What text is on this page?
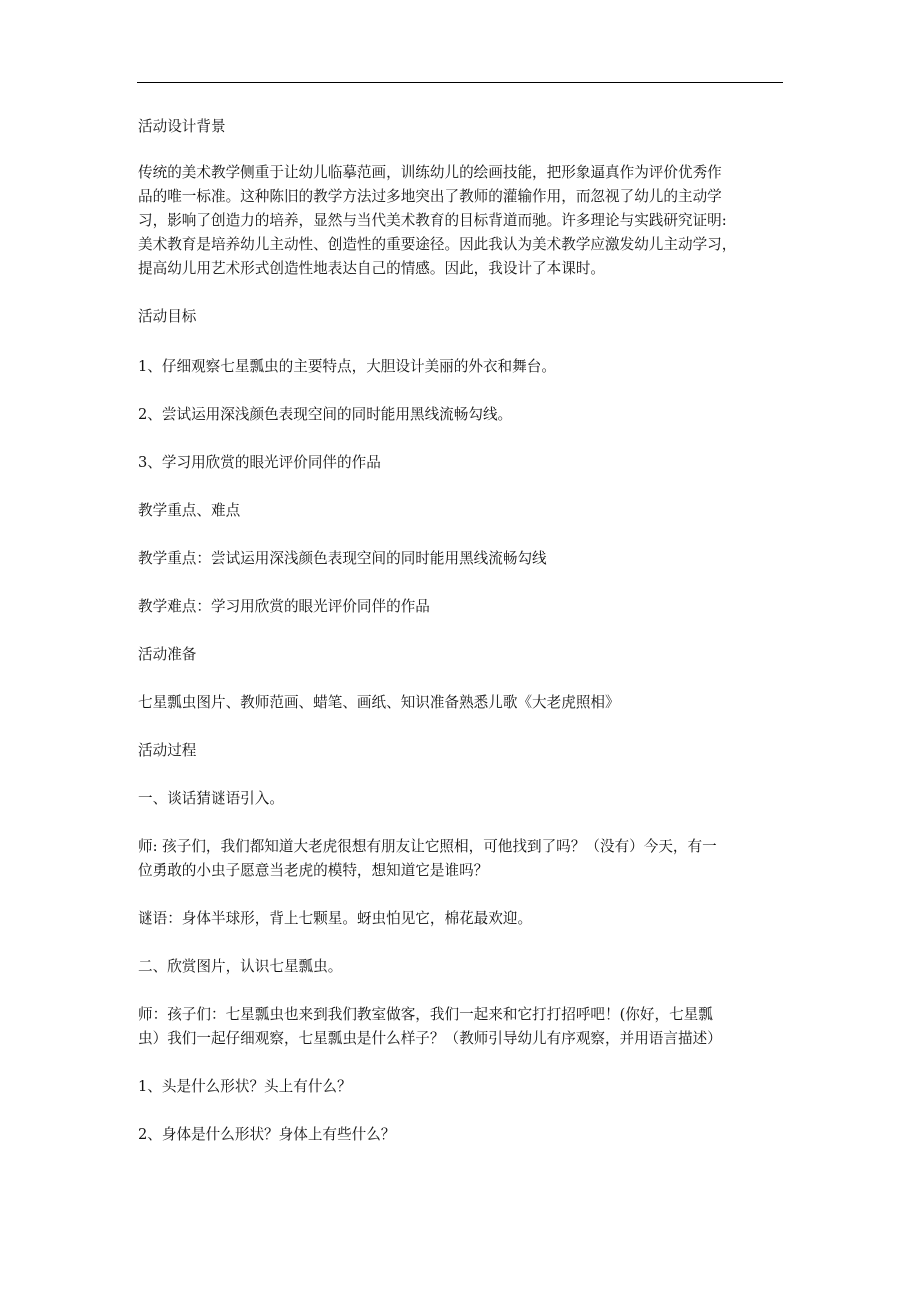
活动设计背景

传统的美术教学侧重于让幼儿临摹范画，训练幼儿的绘画技能，把形象逼真作为评价优秀作
品的唯一标准。这种陈旧的教学方法过多地突出了教师的灌输作用，而忽视了幼儿的主动学
习，影响了创造力的培养，显然与当代美术教育的目标背道而驰。许多理论与实践研究证明:
美术教育是培养幼儿主动性、创造性的重要途径。因此我认为美术教学应激发幼儿主动学习，
提高幼儿用艺术形式创造性地表达自己的情感。因此，我设计了本课时。

活动目标

1、仔细观察七星瓢虫的主要特点，大胆设计美丽的外衣和舞台。

2、尝试运用深浅颜色表现空间的同时能用黑线流畅勾线。

3、学习用欣赏的眼光评价同伴的作品

教学重点、难点

教学重点：尝试运用深浅颜色表现空间的同时能用黑线流畅勾线

教学难点：学习用欣赏的眼光评价同伴的作品

活动准备

七星瓢虫图片、教师范画、蜡笔、画纸、知识准备熟悉儿歌《大老虎照相》

活动过程

一、谈话猜谜语引入。

师: 孩子们，我们都知道大老虎很想有朋友让它照相，可他找到了吗？（没有）今天，有一
位勇敢的小虫子愿意当老虎的模特，想知道它是谁吗？

谜语：身体半球形，背上七颗星。蚜虫怕见它，棉花最欢迎。

二、欣赏图片，认识七星瓢虫。

师：孩子们：七星瓢虫也来到我们教室做客，我们一起来和它打打招呼吧！(你好，七星瓢
虫）我们一起仔细观察，七星瓢虫是什么样子？（教师引导幼儿有序观察，并用语言描述）

1、头是什么形状？头上有什么？

2、身体是什么形状？身体上有些什么？
